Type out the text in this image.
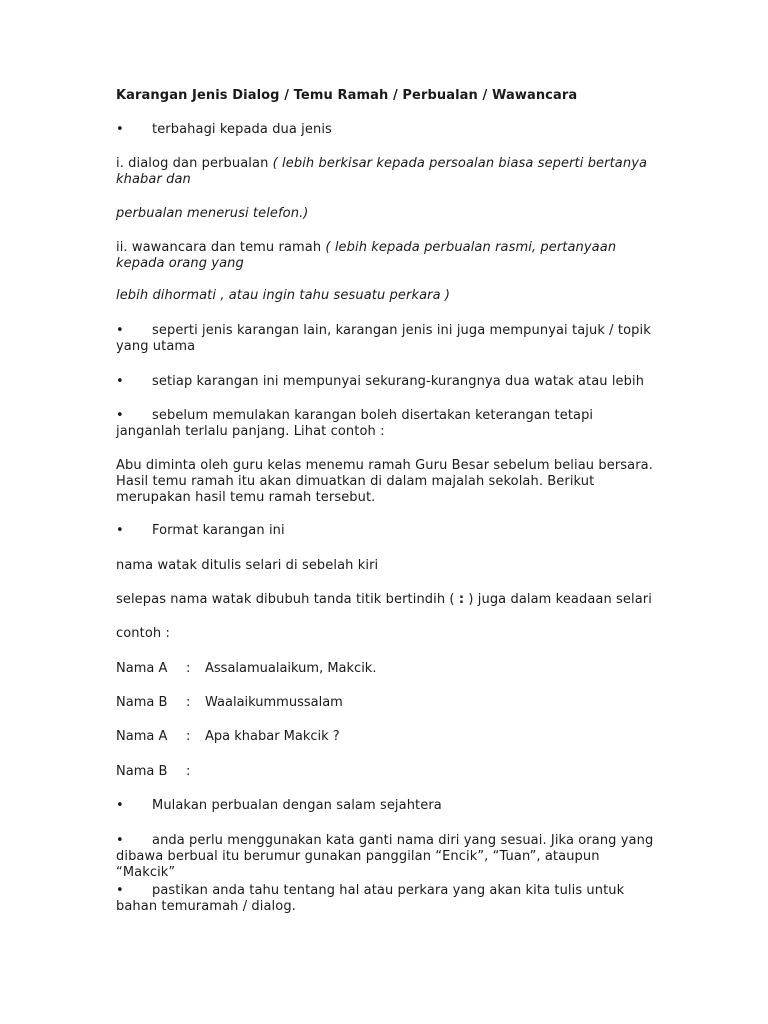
Karangan Jenis Dialog / Temu Ramah / Perbualan / Wawancara
• terbahagi kepada dua jenis
i. dialog dan perbualan ( lebih berkisar kepada persoalan biasa seperti bertanya khabar dan
perbualan menerusi telefon.)
ii. wawancara dan temu ramah ( lebih kepada perbualan rasmi, pertanyaan kepada orang yang
lebih dihormati , atau ingin tahu sesuatu perkara )
• seperti jenis karangan lain, karangan jenis ini juga mempunyai tajuk / topik yang utama
• setiap karangan ini mempunyai sekurang-kurangnya dua watak atau lebih
• sebelum memulakan karangan boleh disertakan keterangan tetapi janganlah terlalu panjang. Lihat contoh :
Abu diminta oleh guru kelas menemu ramah Guru Besar sebelum beliau bersara. Hasil temu ramah itu akan dimuatkan di dalam majalah sekolah. Berikut merupakan hasil temu ramah tersebut.
• Format karangan ini
nama watak ditulis selari di sebelah kiri
selepas nama watak dibubuh tanda titik bertindih ( : ) juga dalam keadaan selari
contoh :
Nama A : Assalamualaikum, Makcik.
Nama B : Waalaikummussalam
Nama A : Apa khabar Makcik ?
Nama B :
• Mulakan perbualan dengan salam sejahtera
• anda perlu menggunakan kata ganti nama diri yang sesuai. Jika orang yang dibawa berbual itu berumur gunakan panggilan “Encik”, “Tuan”, ataupun “Makcik”
• pastikan anda tahu tentang hal atau perkara yang akan kita tulis untuk bahan temuramah / dialog.
